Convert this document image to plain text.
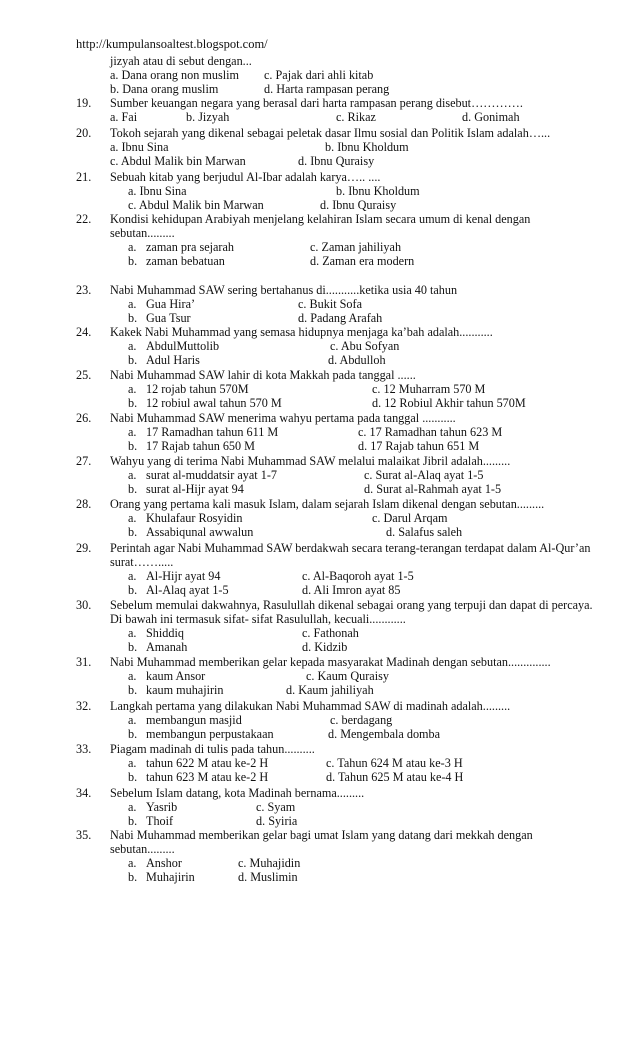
http://kumpulansoaltest.blogspot.com/
jizyah atau di sebut dengan...
a. Dana orang non muslim c. Pajak dari ahli kitab
b. Dana orang muslim	d. Harta rampasan perang
19.	Sumber keuangan negara yang berasal dari harta rampasan perang disebut………….
a. Fai	b. Jizyah	c. Rikaz	d. Gonimah
20.	Tokoh sejarah yang dikenal sebagai peletak dasar Ilmu sosial dan Politik Islam adalah…...
a. Ibnu Sina	b. Ibnu Kholdum
c. Abdul Malik bin Marwan	d. Ibnu Quraisy
21.	Sebuah kitab yang berjudul Al-Ibar adalah karya….. ....
a. Ibnu Sina	b. Ibnu Kholdum
c. Abdul Malik bin Marwan	d. Ibnu Quraisy
22.	Kondisi kehidupan Arabiyah menjelang kelahiran Islam secara umum di kenal dengan
sebutan.........
a. zaman pra sejarah	c. Zaman jahiliyah
b. zaman bebatuan	d. Zaman era modern
23.	Nabi Muhammad SAW sering bertahanus di...........ketika usia 40 tahun
a. Gua Hira’	c. Bukit Sofa
b. Gua Tsur	d. Padang Arafah
24.	Kakek Nabi Muhammad yang semasa hidupnya menjaga ka’bah adalah...........
a. AbdulMuttolib	c. Abu Sofyan
b. Adul Haris	d. Abdulloh
25.	Nabi Muhammad SAW lahir di kota Makkah pada tanggal ......
a. 12 rojab tahun 570M	c. 12 Muharram 570 M
b. 12 robiul awal tahun 570 M	d. 12 Robiul Akhir tahun 570M
26.	Nabi Muhammad SAW menerima wahyu pertama pada tanggal ...........
a. 17 Ramadhan tahun 611 M	c. 17 Ramadhan tahun 623 M
b. 17 Rajab tahun 650 M	d. 17 Rajab tahun 651 M
27.	Wahyu yang di terima Nabi Muhammad SAW melalui malaikat Jibril adalah.........
a. surat al-muddatsir ayat 1-7	c. Surat al-Alaq ayat 1-5
b. surat al-Hijr ayat 94	d. Surat al-Rahmah ayat 1-5
28.	Orang yang pertama kali masuk Islam, dalam sejarah Islam dikenal dengan sebutan.........
a. Khulafaur Rosyidin	c. Darul Arqam
b. Assabiqunal awwalun	d. Salafus saleh
29.	Perintah agar Nabi Muhammad SAW berdakwah secara terang-terangan terdapat dalam Al-Qur’an
surat…….....
a. Al-Hijr ayat 94	c. Al-Baqoroh ayat 1-5
b. Al-Alaq ayat 1-5	d. Ali Imron ayat 85
30.	Sebelum memulai dakwahnya, Rasulullah dikenal sebagai orang yang terpuji dan dapat di percaya.
Di bawah ini termasuk sifat- sifat Rasulullah, kecuali............
a. Shiddiq	c. Fathonah
b. Amanah	d. Kidzib
31.	Nabi Muhammad memberikan gelar kepada masyarakat Madinah dengan sebutan..............
a. kaum Ansor	c. Kaum Quraisy
b. kaum muhajirin	d. Kaum jahiliyah
32.	Langkah pertama yang dilakukan Nabi Muhammad SAW di madinah adalah.........
a. membangun masjid	c. berdagang
b. membangun perpustakaan	d. Mengembala domba
33.	Piagam madinah di tulis pada tahun..........
a. tahun 622 M atau ke-2 H	c. Tahun 624 M atau ke-3 H
b. tahun 623 M atau ke-2 H	d. Tahun 625 M atau ke-4 H
34.	Sebelum Islam datang, kota Madinah bernama.........
a. Yasrib	c. Syam
b. Thoif	d. Syiria
35.	Nabi Muhammad memberikan gelar bagi umat Islam yang datang dari mekkah dengan
sebutan.........
a. Anshor	c. Muhajidin
b. Muhajirin	d. Muslimin
